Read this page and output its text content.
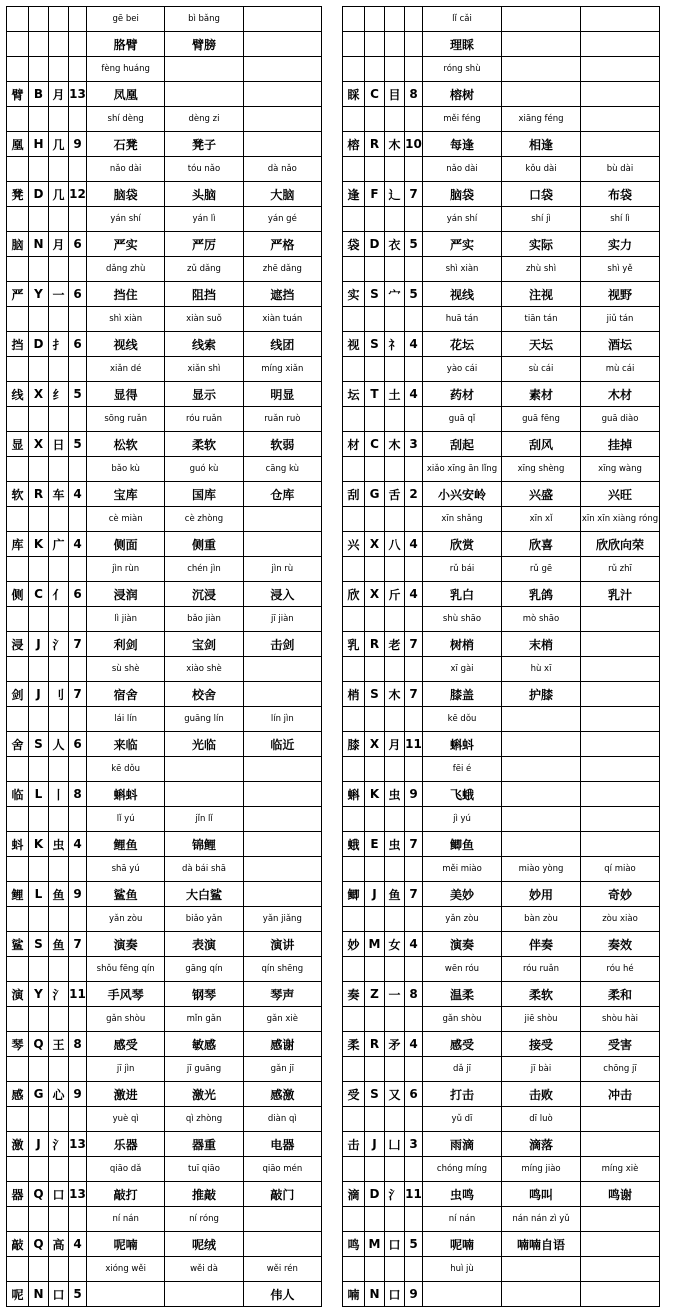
				gē bei	bì bǎng	
				胳臂	臂膀	
				fèng huáng		
臂	B	月	13	凤凰		
				shí dèng	dèng zi	
凰	H	几	9	石凳	凳子	
				nǎo dài	tóu nǎo	dà nǎo
凳	D	几	12	脑袋	头脑	大脑
				yán shí	yán lì	yán gé
脑	N	月	6	严实	严厉	严格
				dǎng zhù	zǔ dǎng	zhē dǎng
严	Y	一	6	挡住	阻挡	遮挡
				shì xiàn	xiàn suǒ	xiàn tuán
挡	D	扌	6	视线	线索	线团
				xiǎn dé	xiǎn shì	míng xiǎn
线	X	纟	5	显得	显示	明显
				sōng ruǎn	róu ruǎn	ruǎn ruò
显	X	日	5	松软	柔软	软弱
				bǎo kù	guó kù	cāng kù
软	R	车	4	宝库	国库	仓库
				cè miàn	cè zhòng	
库	K	广	4	侧面	侧重	
				jìn rùn	chén jìn	jìn rù
侧	C	亻	6	浸润	沉浸	浸入
				lì jiàn	bǎo jiàn	jī jiàn
浸	J	氵	7	利剑	宝剑	击剑
				sù shè	xiào shè	
剑	J	刂	7	宿舍	校舍	
				lái lín	guāng lín	lín jìn
舍	S	人	6	来临	光临	临近
				kē dǒu		
临	L	丨	8	蝌蚪		
				lǐ yú	jǐn lǐ	
蚪	K	虫	4	鲤鱼	锦鲤	
				shā yú	dà bái shā	
鲤	L	鱼	9	鲨鱼	大白鲨	
				yǎn zòu	biǎo yǎn	yǎn jiǎng
鲨	S	鱼	7	演奏	表演	演讲
				shǒu fēng qín	gāng qín	qín shēng
演	Y	氵	11	手风琴	钢琴	琴声
				gǎn shòu	mǐn gǎn	gǎn xiè
琴	Q	王	8	感受	敏感	感谢
				jī jìn	jī guāng	gǎn jī
感	G	心	9	激进	激光	感激
				yuè qì	qì zhòng	diàn qì
激	J	氵	13	乐器	器重	电器
				qiāo dǎ	tuī qiāo	qiāo mén
器	Q	口	13	敲打	推敲	敲门
				ní nán	ní róng	
敲	Q	高	4	呢喃	呢绒	
				xióng wěi	wěi dà	wěi rén
呢	N	口	5			伟人
				lǐ cǎi		
				理睬		
				róng shù		
睬	C	目	8	榕树		
				měi féng	xiāng féng	
榕	R	木	10	每逢	相逢	
				nǎo dài	kǒu dài	bù dài
逢	F	辶	7	脑袋	口袋	布袋
				yán shí	shí jì	shí lì
袋	D	衣	5	严实	实际	实力
				shì xiàn	zhù shì	shì yě
实	S	宀	5	视线	注视	视野
				huā tán	tiān tán	jiǔ tán
视	S	礻	4	花坛	天坛	酒坛
				yào cái	sù cái	mù cái
坛	T	土	4	药材	素材	木材
				guā qǐ	guā fēng	guā diào
材	C	木	3	刮起	刮风	挂掉
				xiǎo xīng ān lǐng	xīng shèng	xīng wàng
刮	G	舌	2	小兴安岭	兴盛	兴旺
				xīn shǎng	xīn xǐ	xīn xīn xiàng róng
兴	X	八	4	欣赏	欣喜	欣欣向荣
				rǔ bái	rǔ gē	rǔ zhī
欣	X	斤	4	乳白	乳鸽	乳汁
				shù shāo	mò shāo	
乳	R	老	7	树梢	末梢	
				xī gài	hù xī	
梢	S	木	7	膝盖	护膝	
				kē dǒu		
膝	X	月	11	蝌蚪		
				fēi é		
蝌	K	虫	9	飞蛾		
				jì yú		
蛾	E	虫	7	鲫鱼		
				měi miào	miào yòng	qí miào
鲫	J	鱼	7	美妙	妙用	奇妙
				yǎn zòu	bàn zòu	zòu xiào
妙	M	女	4	演奏	伴奏	奏效
				wēn róu	róu ruǎn	róu hé
奏	Z	一	8	温柔	柔软	柔和
				gǎn shòu	jiē shòu	shòu hài
柔	R	矛	4	感受	接受	受害
				dǎ jī	jī bài	chōng jī
受	S	又	6	打击	击败	冲击
				yǔ dī	dī luò	
击	J	凵	3	雨滴	滴落	
				chóng míng	míng jiào	míng xiè
滴	D	氵	11	虫鸣	鸣叫	鸣谢
				ní nán	nán nán zì yǔ	
鸣	M	口	5	呢喃	喃喃自语	
				huì jù		
喃	N	口	9			
